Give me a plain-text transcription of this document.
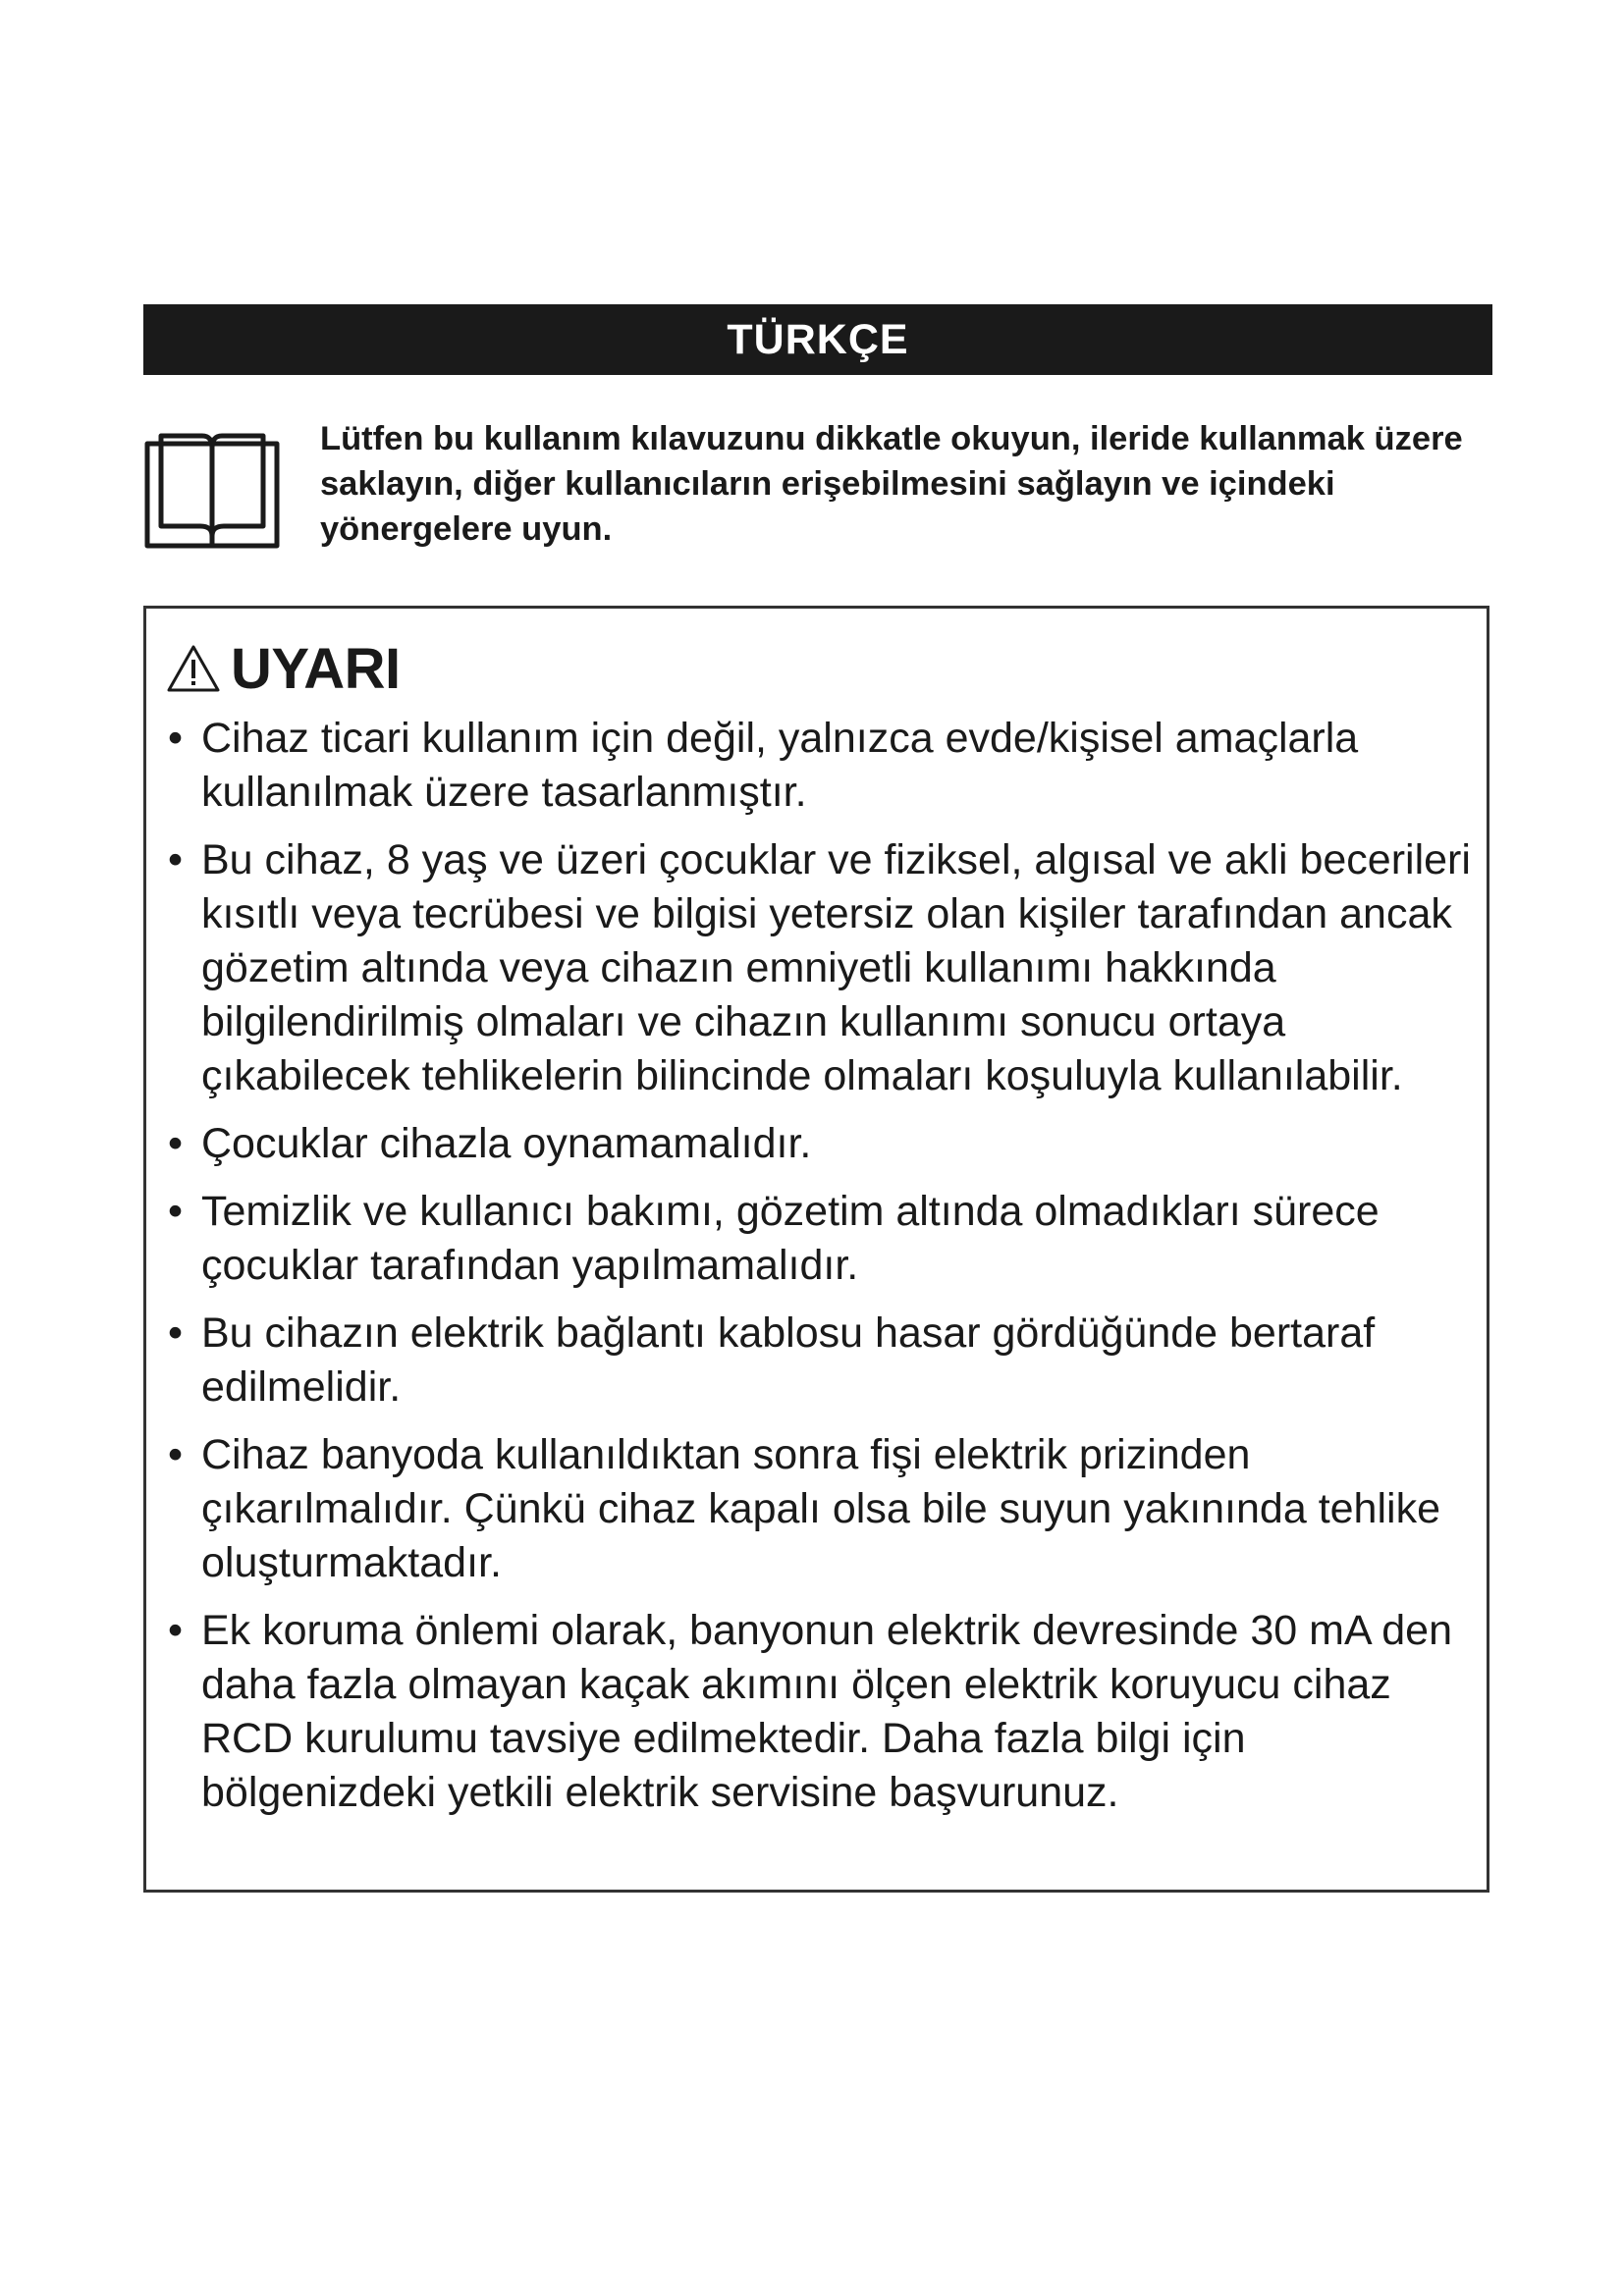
TÜRKÇE
Lütfen bu kullanım kılavuzunu dikkatle okuyun, ileride kullanmak üzere saklayın, diğer kullanıcıların erişebilmesini sağlayın ve içindeki yönergelere uyun.
UYARI
• Cihaz ticari kullanım için değil, yalnızca evde/kişisel amaçlarla kullanılmak üzere tasarlanmıştır.
• Bu cihaz, 8 yaş ve üzeri çocuklar ve fiziksel, algısal ve akli becerileri kısıtlı veya tecrübesi ve bilgisi yetersiz olan kişiler tarafından ancak gözetim altında veya cihazın emniyetli kullanımı hakkında bilgilendirilmiş olmaları ve cihazın kullanımı sonucu ortaya çıkabilecek tehlikelerin bilincinde olmaları koşuluyla kullanılabilir.
• Çocuklar cihazla oynamamalıdır.
• Temizlik ve kullanıcı bakımı, gözetim altında olmadıkları sürece çocuklar tarafından yapılmamalıdır.
• Bu cihazın elektrik bağlantı kablosu hasar gördüğünde bertaraf edilmelidir.
• Cihaz banyoda kullanıldıktan sonra fişi elektrik prizinden çıkarılmalıdır. Çünkü cihaz kapalı olsa bile suyun yakınında tehlike oluşturmaktadır.
• Ek koruma önlemi olarak, banyonun elektrik devresinde 30 mA den daha fazla olmayan kaçak akımını ölçen elektrik koruyucu cihaz RCD kurulumu tavsiye edilmektedir. Daha fazla bilgi için bölgenizdeki yetkili elektrik servisine başvurunuz.
